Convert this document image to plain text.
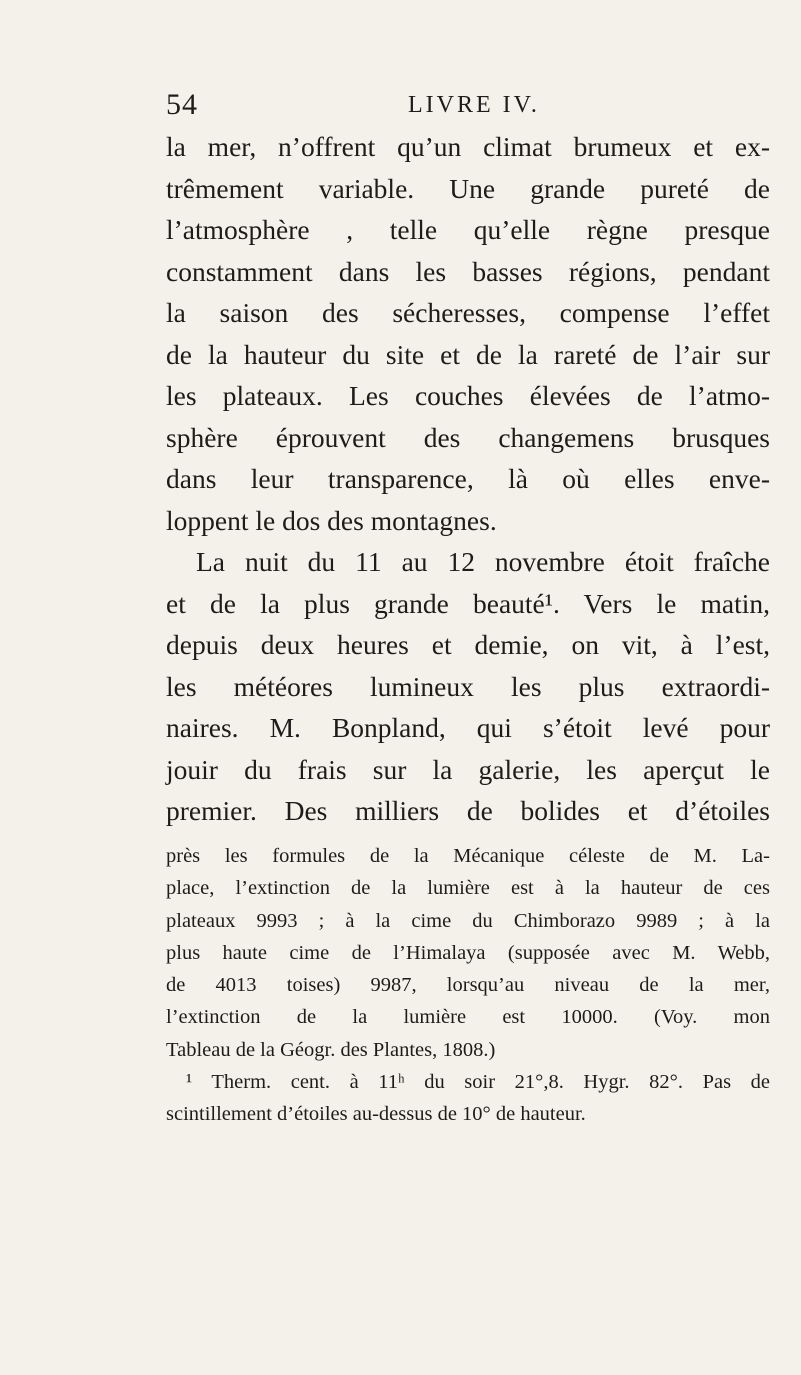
54	LIVRE IV.
la mer, n’offrent qu’un climat brumeux et ex-
trêmement variable. Une grande pureté de
l’atmosphère , telle qu’elle règne presque
constamment dans les basses régions, pendant
la saison des sécheresses, compense l’effet
de la hauteur du site et de la rareté de l’air sur
les plateaux. Les couches élevées de l’atmo-
sphère éprouvent des changemens brusques
dans leur transparence, là où elles enve-
loppent le dos des montagnes.
La nuit du 11 au 12 novembre étoit fraîche
et de la plus grande beauté¹. Vers le matin,
depuis deux heures et demie, on vit, à l’est,
les météores lumineux les plus extraordi-
naires. M. Bonpland, qui s’étoit levé pour
jouir du frais sur la galerie, les aperçut le
premier. Des milliers de bolides et d’étoiles
près les formules de la Mécanique céleste de M. La-
place, l’extinction de la lumière est à la hauteur de ces
plateaux 9993 ; à la cime du Chimborazo 9989 ; à la
plus haute cime de l’Himalaya (supposée avec M. Webb,
de 4013 toises) 9987, lorsqu’au niveau de la mer,
l’extinction de la lumière est 10000. (Voy. mon
Tableau de la Géogr. des Plantes, 1808.)
¹ Therm. cent. à 11ʰ du soir 21°,8. Hygr. 82°. Pas de
scintillement d’étoiles au-dessus de 10° de hauteur.
